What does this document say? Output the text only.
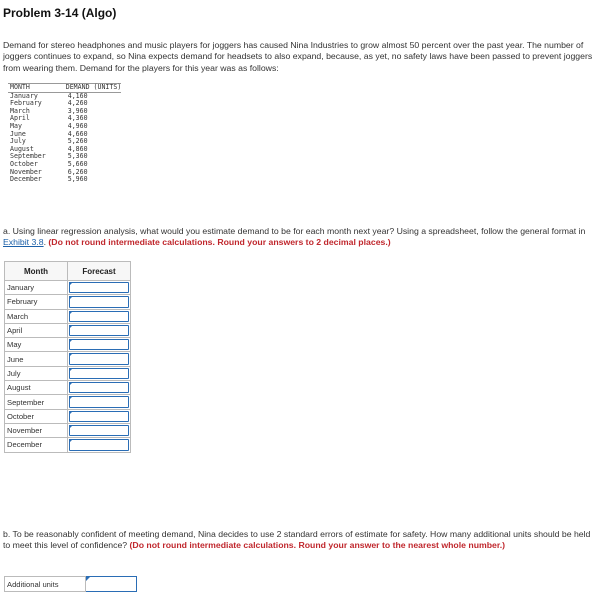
Problem 3-14 (Algo)
Demand for stereo headphones and music players for joggers has caused Nina Industries to grow almost 50 percent over the past year. The number of joggers continues to expand, so Nina expects demand for headsets to also expand, because, as yet, no safety laws have been passed to prevent joggers from wearing them. Demand for the players for this year was as follows:
MONTH	DEMAND (UNITS)
January	4,160
February	4,260
March	3,960
April	4,360
May	4,960
June	4,660
July	5,260
August	4,860
September	5,360
October	5,660
November	6,260
December	5,960
a. Using linear regression analysis, what would you estimate demand to be for each month next year? Using a spreadsheet, follow the general format in Exhibit 3.8. (Do not round intermediate calculations. Round your answers to 2 decimal places.)
Month	Forecast
January	

February	

March	

April	

May	

June	

July	

August	

September	

October	

November	

December	
b. To be reasonably confident of meeting demand, Nina decides to use 2 standard errors of estimate for safety. How many additional units should be held to meet this level of confidence? (Do not round intermediate calculations. Round your answer to the nearest whole number.)
Additional units	
